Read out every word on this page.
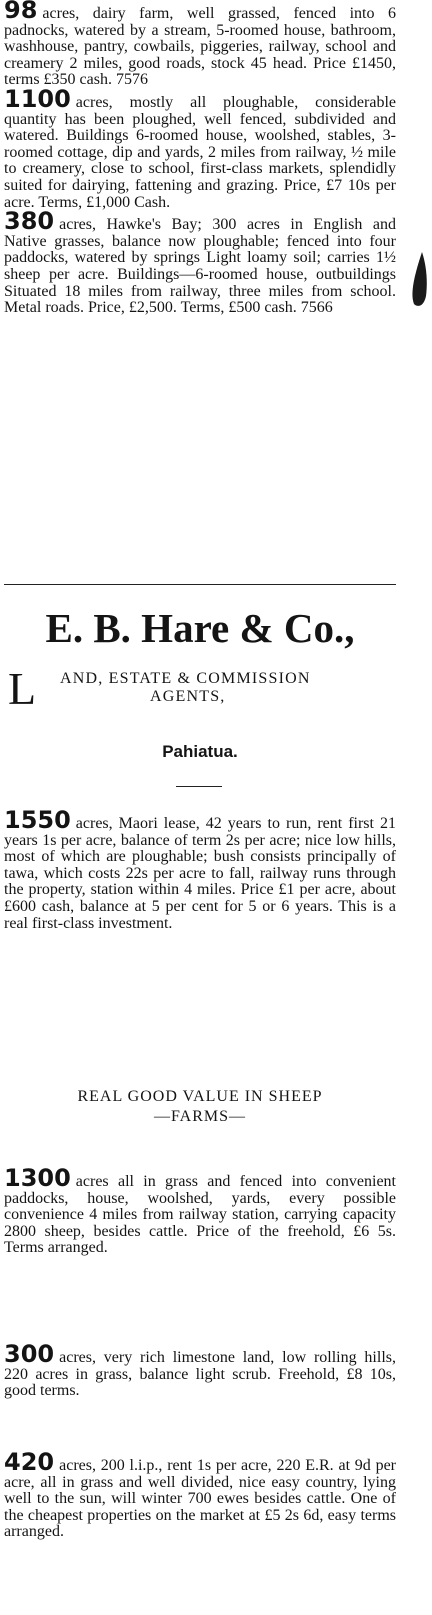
98 acres, dairy farm, well grassed, fenced into 6 padnocks, watered by a stream, 5-roomed house, bathroom, washhouse, pantry, cowbails, piggeries, railway, school and creamery 2 miles, good roads, stock 45 head. Price £1450, terms £350 cash. 7576

1100 acres, mostly all ploughable, considerable quantity has been ploughed, well fenced, subdivided and watered. Buildings 6-roomed house, woolshed, stables, 3-roomed cottage, dip and yards, 2 miles from railway, ½ mile to creamery, close to school, first-class markets, splendidly suited for dairying, fattening and grazing. Price, £7 10s per acre. Terms, £1,000 Cash.

380 acres, Hawke's Bay; 300 acres in English and Native grasses, balance now ploughable; fenced into four paddocks, watered by springs Light loamy soil; carries 1½ sheep per acre. Buildings—6-roomed house, outbuildings Situated 18 miles from railway, three miles from school. Metal roads. Price, £2,500. Terms, £500 cash. 7566

E. B. Hare & Co.,
L AND, ESTATE & COMMISSION
AGENTS,
Pahiatua.

1550 acres, Maori lease, 42 years to run, rent first 21 years 1s per acre, balance of term 2s per acre; nice low hills, most of which are ploughable; bush consists principally of tawa, which costs 22s per acre to fall, railway runs through the property, station within 4 miles. Price £1 per acre, about £600 cash, balance at 5 per cent for 5 or 6 years. This is a real first-class investment.

REAL GOOD VALUE IN SHEEP
—FARMS—

1300 acres all in grass and fenced into convenient paddocks, house, woolshed, yards, every possible convenience 4 miles from railway station, carrying capacity 2800 sheep, besides cattle. Price of the freehold, £6 5s. Terms arranged.

300 acres, very rich limestone land, low rolling hills, 220 acres in grass, balance light scrub. Freehold, £8 10s, good terms.

420 acres, 200 l.i.p., rent 1s per acre, 220 E.R. at 9d per acre, all in grass and well divided, nice easy country, lying well to the sun, will winter 700 ewes besides cattle. One of the cheapest properties on the market at £5 2s 6d, easy terms arranged.
